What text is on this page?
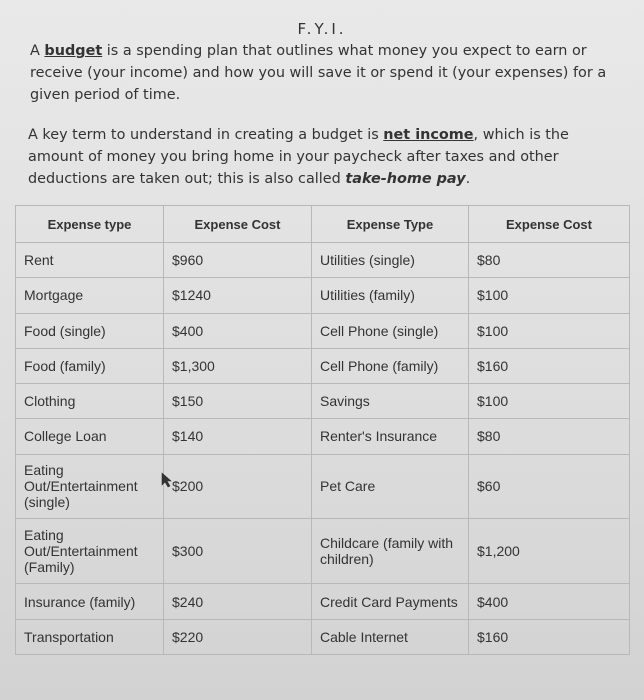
F.Y.I.
A budget is a spending plan that outlines what money you expect to earn or receive (your income) and how you will save it or spend it (your expenses) for a given period of time.
A key term to understand in creating a budget is net income, which is the amount of money you bring home in your paycheck after taxes and other deductions are taken out; this is also called take-home pay.
Expense type	Expense Cost	Expense Type	Expense Cost
Rent	$960	Utilities (single)	$80
Mortgage	$1240	Utilities (family)	$100
Food (single)	$400	Cell Phone (single)	$100
Food (family)	$1,300	Cell Phone (family)	$160
Clothing	$150	Savings	$100
College Loan	$140	Renter's Insurance	$80
Eating Out/Entertainment (single)	$200	Pet Care	$60
Eating Out/Entertainment (Family)	$300	Childcare (family with children)	$1,200
Insurance (family)	$240	Credit Card Payments	$400
Transportation	$220	Cable Internet	$160
